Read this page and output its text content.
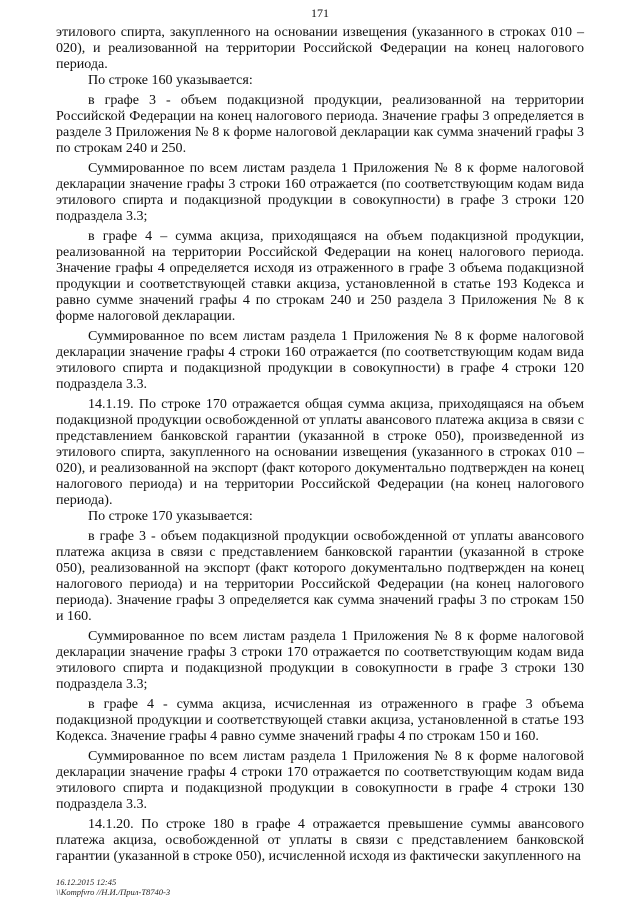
171

этилового спирта, закупленного на основании извещения (указанного в строках 010 – 020), и реализованной на территории Российской Федерации на конец налогового периода.

По строке 160 указывается:

в графе 3 - объем подакцизной продукции, реализованной на территории Российской Федерации на конец налогового периода. Значение графы 3 определяется в разделе 3 Приложения № 8 к форме налоговой декларации как сумма значений графы 3 по строкам 240 и 250.

Суммированное по всем листам раздела 1 Приложения № 8 к форме налоговой декларации значение графы 3 строки 160 отражается (по соответствующим кодам вида этилового спирта и подакцизной продукции в совокупности) в графе 3 строки 120 подраздела 3.3;

в графе 4 – сумма акциза, приходящаяся на объем подакцизной продукции, реализованной на территории Российской Федерации на конец налогового периода. Значение графы 4 определяется исходя из отраженного в графе 3 объема подакцизной продукции и соответствующей ставки акциза, установленной в статье 193 Кодекса и равно сумме значений графы 4 по строкам 240 и 250 раздела 3 Приложения № 8 к форме налоговой декларации.

Суммированное по всем листам раздела 1 Приложения № 8 к форме налоговой декларации значение графы 4 строки 160 отражается (по соответствующим кодам вида этилового спирта и подакцизной продукции в совокупности) в графе 4 строки 120 подраздела 3.3.

14.1.19. По строке 170 отражается общая сумма акциза, приходящаяся на объем подакцизной продукции освобожденной от уплаты авансового платежа акциза в связи с представлением банковской гарантии (указанной в строке 050), произведенной из этилового спирта, закупленного на основании извещения (указанного в строках 010 – 020), и реализованной на экспорт (факт которого документально подтвержден на конец налогового периода) и на территории Российской Федерации (на конец налогового периода).

По строке 170 указывается:

в графе 3 - объем подакцизной продукции освобожденной от уплаты авансового платежа акциза в связи с представлением банковской гарантии (указанной в строке 050), реализованной на экспорт (факт которого документально подтвержден на конец налогового периода) и на территории Российской Федерации (на конец налогового периода). Значение графы 3 определяется как сумма значений графы 3 по строкам 150 и 160.

Суммированное по всем листам раздела 1 Приложения № 8 к форме налоговой декларации значение графы 3 строки 170 отражается по соответствующим кодам вида этилового спирта и подакцизной продукции в совокупности в графе 3 строки 130 подраздела 3.3;

в графе 4 - сумма акциза, исчисленная из отраженного в графе 3 объема подакцизной продукции и соответствующей ставки акциза, установленной в статье 193 Кодекса. Значение графы 4 равно сумме значений графы 4 по строкам 150 и 160.

Суммированное по всем листам раздела 1 Приложения № 8 к форме налоговой декларации значение графы 4 строки 170 отражается по соответствующим кодам вида этилового спирта и подакцизной продукции в совокупности в графе 4 строки 130 подраздела 3.3.

14.1.20. По строке 180 в графе 4 отражается превышение суммы авансового платежа акциза, освобожденной от уплаты в связи с представлением банковской гарантии (указанной в строке 050), исчисленной исходя из фактически закупленного на

16.12.2015 12:45
\\Kompfvro //Н.И./Прил-T8740-3
